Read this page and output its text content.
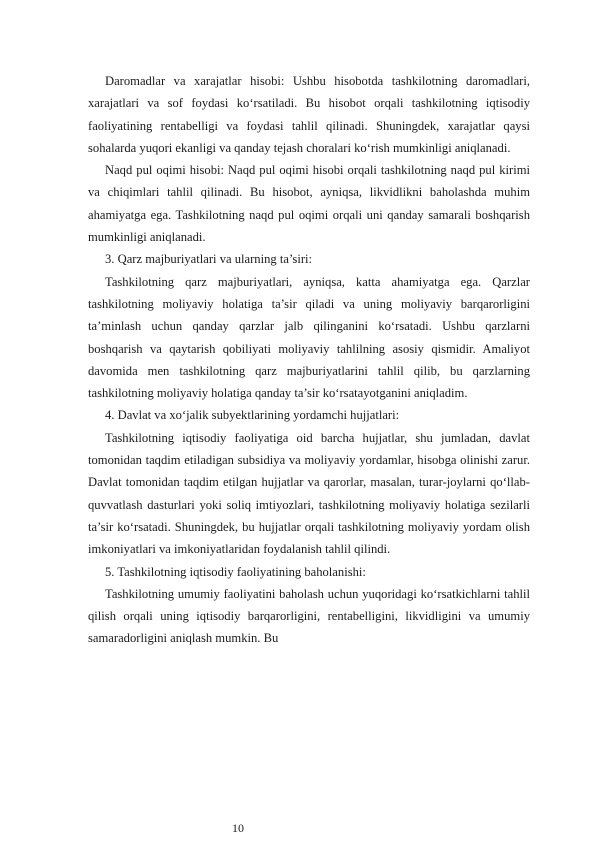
Daromadlar va xarajatlar hisobi: Ushbu hisobotda tashkilotning daromadlari, xarajatlari va sof foydasi ko‘rsatiladi. Bu hisobot orqali tashkilotning iqtisodiy faoliyatining rentabelligi va foydasi tahlil qilinadi. Shuningdek, xarajatlar qaysi sohalarda yuqori ekanligi va qanday tejash choralari ko‘rish mumkinligi aniqlanadi.

Naqd pul oqimi hisobi: Naqd pul oqimi hisobi orqali tashkilotning naqd pul kirimi va chiqimlari tahlil qilinadi. Bu hisobot, ayniqsa, likvidlikni baholashda muhim ahamiyatga ega. Tashkilotning naqd pul oqimi orqali uni qanday samarali boshqarish mumkinligi aniqlanadi.

3. Qarz majburiyatlari va ularning ta’siri:

Tashkilotning qarz majburiyatlari, ayniqsa, katta ahamiyatga ega. Qarzlar tashkilotning moliyaviy holatiga ta’sir qiladi va uning moliyaviy barqarorligini ta’minlash uchun qanday qarzlar jalb qilinganini ko‘rsatadi. Ushbu qarzlarni boshqarish va qaytarish qobiliyati moliyaviy tahlilning asosiy qismidir. Amaliyot davomida men tashkilotning qarz majburiyatlarini tahlil qilib, bu qarzlarning tashkilotning moliyaviy holatiga qanday ta’sir ko‘rsatayotganini aniqladim.

4. Davlat va xo‘jalik subyektlarining yordamchi hujjatlari:

Tashkilotning iqtisodiy faoliyatiga oid barcha hujjatlar, shu jumladan, davlat tomonidan taqdim etiladigan subsidiya va moliyaviy yordamlar, hisobga olinishi zarur. Davlat tomonidan taqdim etilgan hujjatlar va qarorlar, masalan, turar-joylarni qo‘llab-quvvatlash dasturlari yoki soliq imtiyozlari, tashkilotning moliyaviy holatiga sezilarli ta’sir ko‘rsatadi. Shuningdek, bu hujjatlar orqali tashkilotning moliyaviy yordam olish imkoniyatlari va imkoniyatlaridan foydalanish tahlil qilindi.

5. Tashkilotning iqtisodiy faoliyatining baholanishi:

Tashkilotning umumiy faoliyatini baholash uchun yuqoridagi ko‘rsatkichlarni tahlil qilish orqali uning iqtisodiy barqarorligini, rentabelligini, likvidligini va umumiy samaradorligini aniqlash mumkin. Bu

10
